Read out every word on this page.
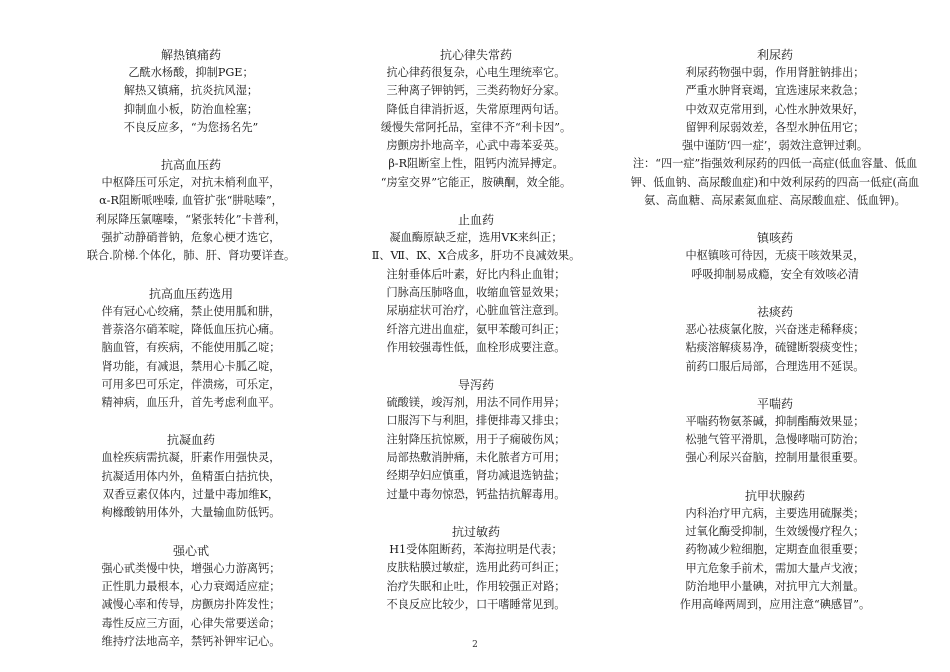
解热镇痛药
乙酰水杨酸，抑制PGE；
解热又镇痛，抗炎抗风湿；
抑制血小板，防治血栓塞；
不良反应多，“为您扬名先”
抗高血压药
中枢降压可乐定，对抗未梢利血平，
α-R阻断哌唑嗪, 血管扩张“肼哒嗪”，
利尿降压氯噻嗪，“紧张转化”卡普利，
强扩动静硝普钠，危象心梗才选它，
联合.阶梯.个体化，肺、肝、肾功要详查。
抗高血压药选用
伴有冠心心绞痛，禁止使用胍和肼，
普萘洛尔硝苯啶，降低血压抗心痛。
脑血管，有疾病，不能使用胍乙啶；
肾功能，有减退，禁用心卡胍乙啶，
可用多巴可乐定，伴溃疡，可乐定，
精神病，血压升，首先考虑利血平。
抗凝血药
血栓疾病需抗凝，肝素作用强快灵，
抗凝适用体内外，鱼精蛋白拮抗快，
双香豆素仅体内，过量中毒加维K，
枸橼酸钠用体外，大量输血防低钙。
强心甙
强心甙类慢中快，增强心力游离钙；
正性肌力最根本，心力衰竭适应症；
减慢心率和传导，房颤房扑阵发性；
毒性反应三方面，心律失常要送命；
维持疗法地高辛，禁钙补钾牢记心。
抗心律失常药
抗心律药很复杂，心电生理统率它。
三种离子钾钠钙，三类药物好分家。
降低自律消折返，失常原理两句话。
缓慢失常阿托品，室律不齐“利卡因”。
房颤房扑地高辛，心武中毒苯妥英。
β-R阻断室上性，阻钙内流异搏定。
“房室交界”它能正，胺碘酮，效全能。
止血药
凝血酶原缺乏症，选用VK来纠正；
Ⅱ、Ⅶ、Ⅸ、Ⅹ合成多，肝功不良减效果。
注射垂体后叶素，好比内科止血钳；
门脉高压肺咯血，收缩血管显效果；
尿崩症状可治疗，心脏血管注意到。
纤溶亢进出血症，氨甲苯酸可纠正；
作用较强毒性低，血栓形成要注意。
导泻药
硫酸镁，竣泻剂，用法不同作用异；
口服泻下与利胆，排便排毒又排虫；
注射降压抗惊厥，用于子痫破伤风；
局部热敷消肿痛，未化脓者方可用；
经期孕妇应慎重，肾功减退选钠盐；
过量中毒勿惊恐，钙盐拮抗解毒用。
抗过敏药
H1受体阻断药，苯海拉明是代表；
皮肤粘膜过敏症，选用此药可纠正；
治疗失眠和止吐，作用较强正对路；
不良反应比较少，口干嗜睡常见到。
利尿药
利尿药物强中弱，作用肾脏钠排出；
严重水肿肾衰竭，宜选速尿来救急；
中效双克常用到，心性水肿效果好，
留钾利尿弱效差，各型水肿伍用它；
强中谨防‘四一症’，弱效注意钾过剩。
注：“四一症”指强效利尿药的四低一高症(低血容量、低血钾、低血钠、高尿酸血症)和中效利尿药的四高一低症(高血氨、高血糖、高尿素氮血症、高尿酸血症、低血钾)。
镇咳药
中枢镇咳可待因，无痰干咳效果灵，
呼吸抑制易成瘾，安全有效咳必清
祛痰药
恶心祛痰氯化胺，兴奋迷走稀释痰；
粘痰溶解痰易净，硫键断裂痰变性；
前药口服后局部，合理选用不延误。
平喘药
平喘药物氨茶碱，抑制酯酶效果显；
松驰气管平滑肌，急慢哮喘可防治；
强心利尿兴奋脑，控制用量很重要。
抗甲状腺药
内科治疗甲亢病，主要选用硫脲类；
过氧化酶受抑制，生效缓慢疗程久；
药物减少粒细胞，定期查血很重要；
甲亢危象手前术，需加大量卢戈液；
防治地甲小量碘，对抗甲亢大剂量。
作用高峰两周到，应用注意“碘感冒”。
2
